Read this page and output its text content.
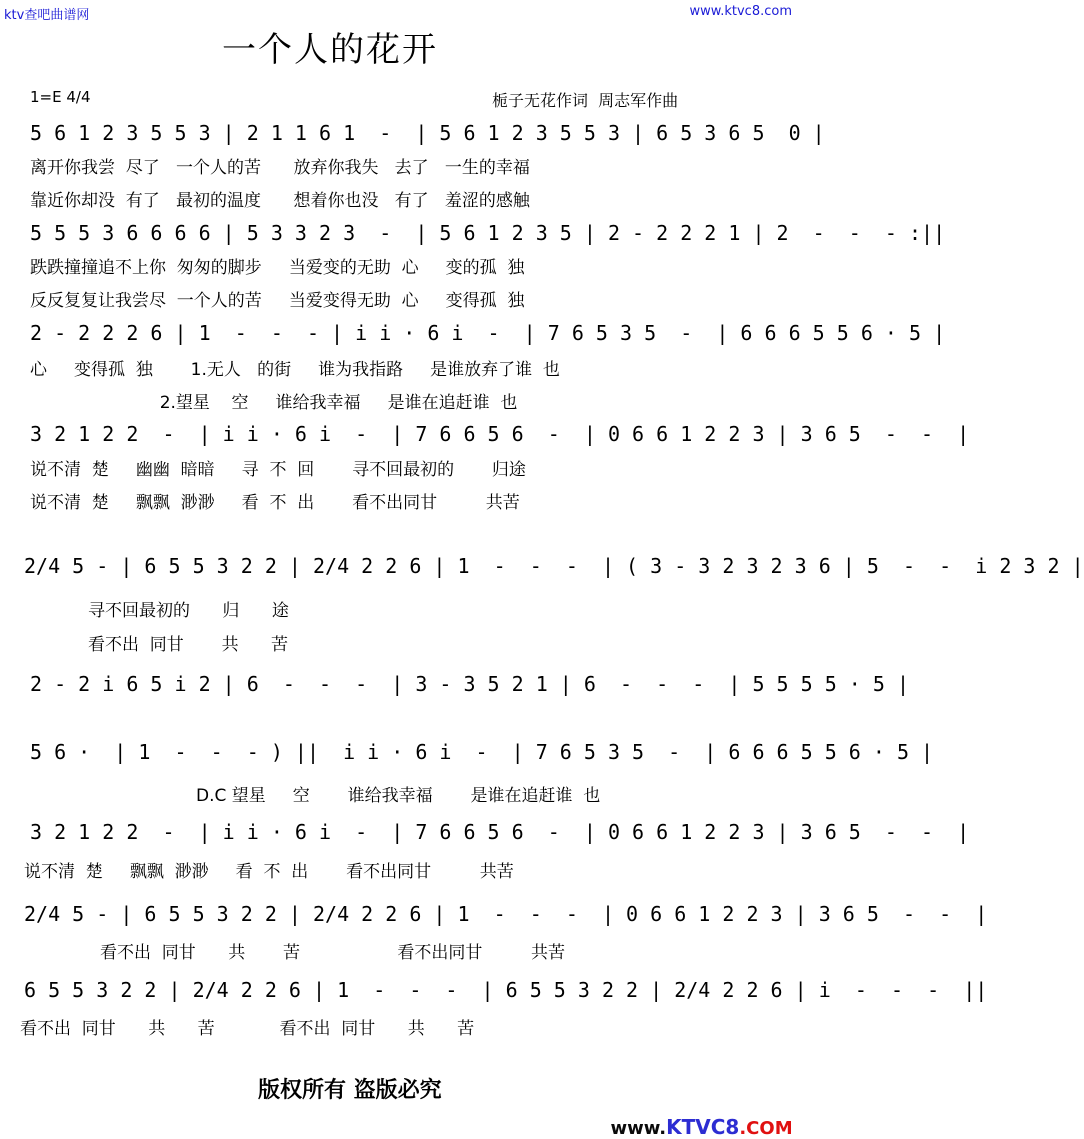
ktv查吧曲谱网	www.ktvc8.com
一个人的花开
1=E 4/4	栀子无花作词  周志军作曲
5 6 1 2 3 5 5 3 | 2 1 1 6 1  -  | 5 6 1 2 3 5 5 3 | 6 5 3 6 5  0 |
离开你我尝  尽了   一个人的苦      放弃你我失   去了   一生的幸福
靠近你却没  有了   最初的温度      想着你也没   有了   羞涩的感触
5 5 5 3 6 6 6 6 | 5 3 3 2 3  -  | 5 6 1 2 3 5 | 2 - 2 2 2 1 | 2  -  -  - :||
跌跌撞撞追不上你  匆匆的脚步     当爱变的无助  心     变的孤  独
反反复复让我尝尽  一个人的苦     当爱变得无助  心     变得孤  独
2 - 2 2 2 6 | 1  -  -  - | i i · 6 i  -  | 7 6 5 3 5  -  | 6 6 6 5 5 6 · 5 |
心     变得孤  独       1.无人   的街     谁为我指路     是谁放弃了谁  也
2.望星    空     谁给我幸福     是谁在追赶谁  也
3 2 1 2 2  -  | i i · 6 i  -  | 7 6 6 5 6  -  | 0 6 6 1 2 2 3 | 3 6 5  -  -  |
说不清  楚     幽幽  暗暗     寻  不  回       寻不回最初的       归途
说不清  楚     飘飘  渺渺     看  不  出       看不出同甘         共苦
2/4 5 - | 6 5 5 3 2 2 | 2/4 2 2 6 | 1  -  -  -  | ( 3 - 3 2 3 2 3 6 | 5  -  -  i 2 3 2 |
寻不回最初的      归      途
看不出  同甘       共      苦
2 - 2 i 6 5 i 2 | 6  -  -  -  | 3 - 3 5 2 1 | 6  -  -  -  | 5 5 5 5 · 5 |
5 6 ·  | 1  -  -  - ) ||  i i · 6 i  -  | 7 6 5 3 5  -  | 6 6 6 5 5 6 · 5 |
D.C 望星     空       谁给我幸福       是谁在追赶谁  也
3 2 1 2 2  -  | i i · 6 i  -  | 7 6 6 5 6  -  | 0 6 6 1 2 2 3 | 3 6 5  -  -  |
说不清  楚     飘飘  渺渺     看  不  出       看不出同甘         共苦
2/4 5 - | 6 5 5 3 2 2 | 2/4 2 2 6 | 1  -  -  -  | 0 6 6 1 2 2 3 | 3 6 5  -  -  |
看不出  同甘      共       苦                  看不出同甘         共苦
6 5 5 3 2 2 | 2/4 2 2 6 | 1  -  -  -  | 6 5 5 3 2 2 | 2/4 2 2 6 | i  -  -  -  ||
看不出  同甘      共      苦            看不出  同甘      共      苦
版权所有 盗版必究

www.KTVC8.COM
